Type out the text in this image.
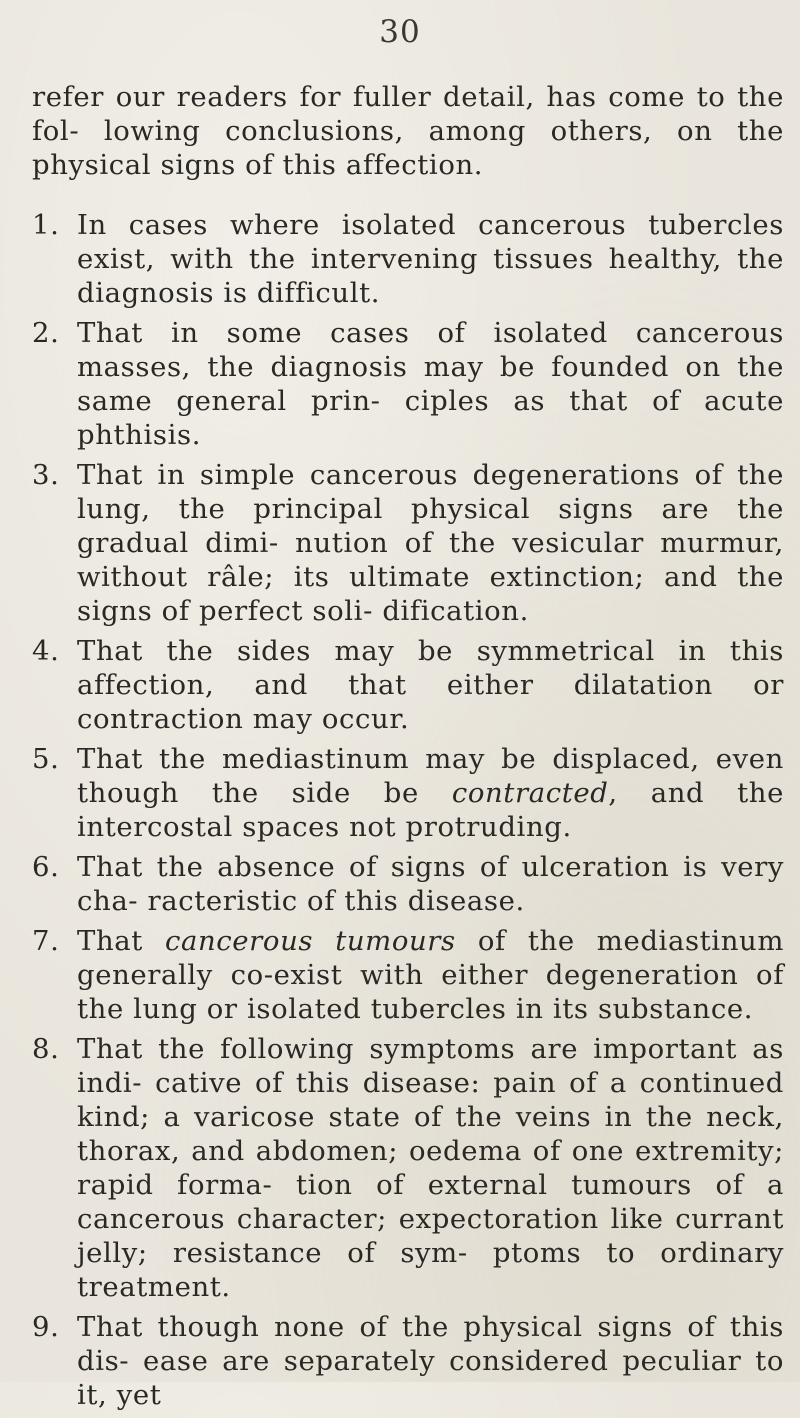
30

refer our readers for fuller detail, has come to the fol- lowing conclusions, among others, on the physical signs of this affection.

1. In cases where isolated cancerous tubercles exist, with the intervening tissues healthy, the diagnosis is difficult.
2. That in some cases of isolated cancerous masses, the diagnosis may be founded on the same general prin- ciples as that of acute phthisis.
3. That in simple cancerous degenerations of the lung, the principal physical signs are the gradual dimi- nution of the vesicular murmur, without râle; its ultimate extinction; and the signs of perfect soli- dification.
4. That the sides may be symmetrical in this affection, and that either dilatation or contraction may occur.
5. That the mediastinum may be displaced, even though the side be contracted, and the intercostal spaces not protruding.
6. That the absence of signs of ulceration is very cha- racteristic of this disease.
7. That cancerous tumours of the mediastinum generally co-exist with either degeneration of the lung or isolated tubercles in its substance.
8. That the following symptoms are important as indi- cative of this disease: pain of a continued kind; a varicose state of the veins in the neck, thorax, and abdomen; oedema of one extremity; rapid forma- tion of external tumours of a cancerous character; expectoration like currant jelly; resistance of sym- ptoms to ordinary treatment.
9. That though none of the physical signs of this dis- ease are separately considered peculiar to it, yet
